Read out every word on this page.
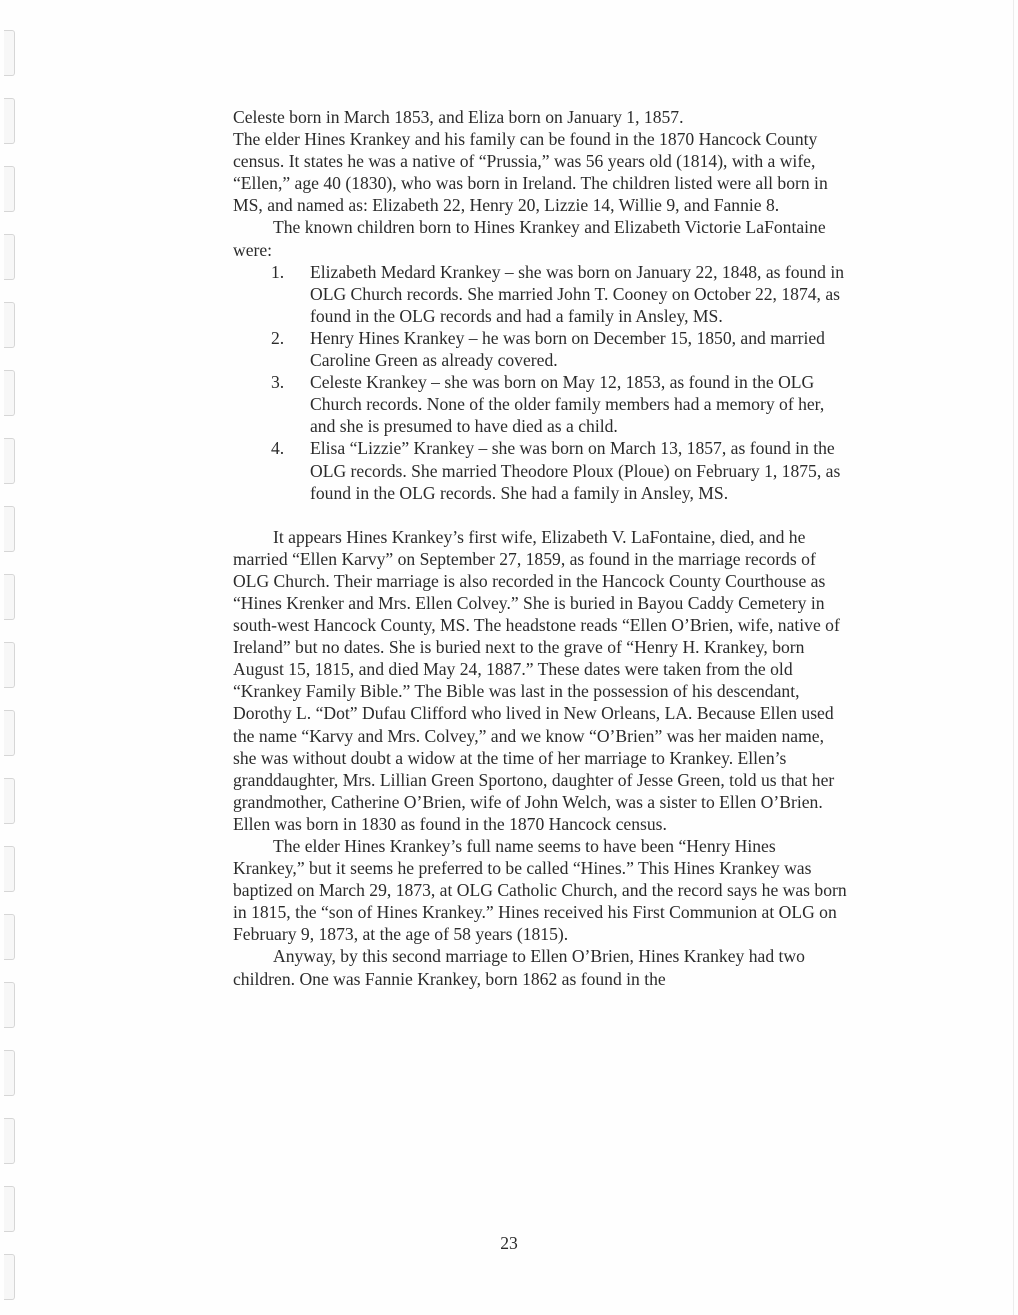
Celeste born in March 1853, and Eliza born on January 1, 1857.

The elder Hines Krankey and his family can be found in the 1870 Hancock County census. It states he was a native of “Prussia,” was 56 years old (1814), with a wife, “Ellen,” age 40 (1830), who was born in Ireland. The children listed were all born in MS, and named as: Elizabeth 22, Henry 20, Lizzie 14, Willie 9, and Fannie 8.

The known children born to Hines Krankey and Elizabeth Victorie LaFontaine were:

1. Elizabeth Medard Krankey – she was born on January 22, 1848, as found in OLG Church records. She married John T. Cooney on October 22, 1874, as found in the OLG records and had a family in Ansley, MS.
2. Henry Hines Krankey – he was born on December 15, 1850, and married Caroline Green as already covered.
3. Celeste Krankey – she was born on May 12, 1853, as found in the OLG Church records. None of the older family members had a memory of her, and she is presumed to have died as a child.
4. Elisa “Lizzie” Krankey – she was born on March 13, 1857, as found in the OLG records. She married Theodore Ploux (Ploue) on February 1, 1875, as found in the OLG records. She had a family in Ansley, MS.

It appears Hines Krankey’s first wife, Elizabeth V. LaFontaine, died, and he married “Ellen Karvy” on September 27, 1859, as found in the marriage records of OLG Church. Their marriage is also recorded in the Hancock County Courthouse as “Hines Krenker and Mrs. Ellen Colvey.” She is buried in Bayou Caddy Cemetery in south-west Hancock County, MS. The headstone reads “Ellen O’Brien, wife, native of Ireland” but no dates. She is buried next to the grave of “Henry H. Krankey, born August 15, 1815, and died May 24, 1887.” These dates were taken from the old “Krankey Family Bible.” The Bible was last in the possession of his descendant, Dorothy L. “Dot” Dufau Clifford who lived in New Orleans, LA. Because Ellen used the name “Karvy and Mrs. Colvey,” and we know “O’Brien” was her maiden name, she was without doubt a widow at the time of her marriage to Krankey. Ellen’s granddaughter, Mrs. Lillian Green Sportono, daughter of Jesse Green, told us that her grandmother, Catherine O’Brien, wife of John Welch, was a sister to Ellen O’Brien. Ellen was born in 1830 as found in the 1870 Hancock census.

The elder Hines Krankey’s full name seems to have been “Henry Hines Krankey,” but it seems he preferred to be called “Hines.” This Hines Krankey was baptized on March 29, 1873, at OLG Catholic Church, and the record says he was born in 1815, the “son of Hines Krankey.” Hines received his First Communion at OLG on February 9, 1873, at the age of 58 years (1815).

Anyway, by this second marriage to Ellen O’Brien, Hines Krankey had two children. One was Fannie Krankey, born 1862 as found in the

23
